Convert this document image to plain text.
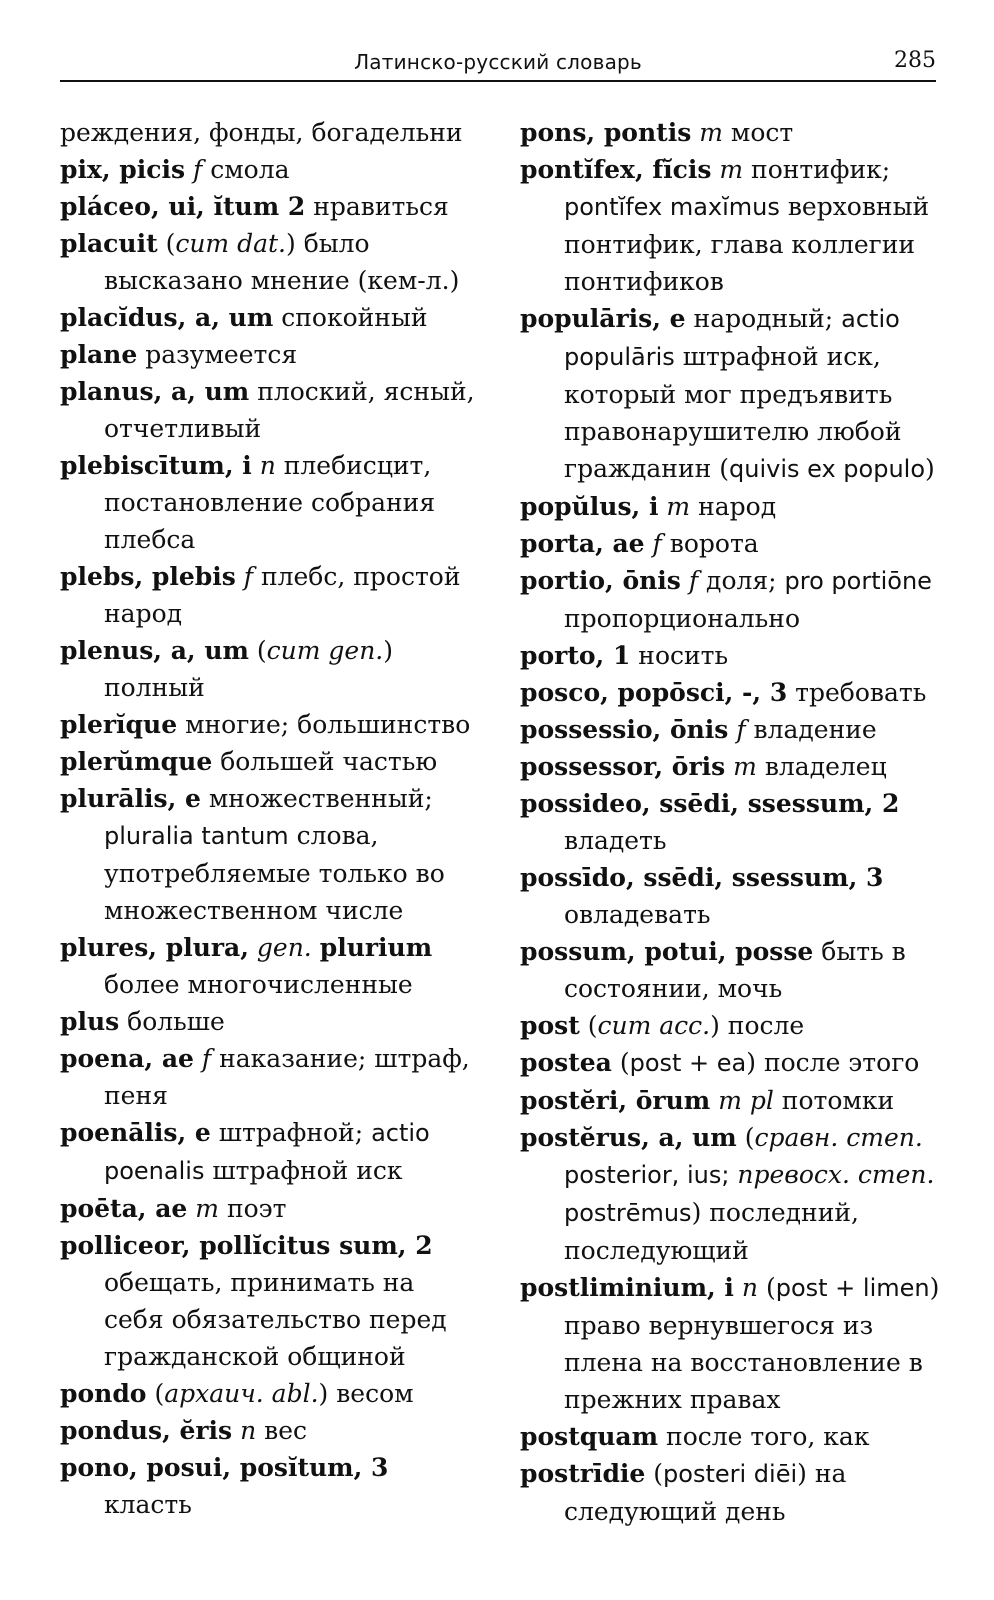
Латинско-русский словарь	285

реждения, фонды, богадельни

pix, picis f смола

pláceo, ui, ĭtum 2 нравиться

placuit (cum dat.) было высказано мнение (кем-л.)

placĭdus, a, um спокойный

plane разумеется

planus, a, um плоский, ясный, отчетливый

plebiscītum, i n плебисцит, постановление собрания плебса

plebs, plebis f плебс, простой народ

plenus, a, um (cum gen.) полный

plerĭque многие; большинство

plerŭmque большей частью

plurālis, e множественный; pluralia tantum слова, употребляемые только во множественном числе

plures, plura, gen. plurium более многочисленные

plus больше

poena, ae f наказание; штраф, пеня

poenālis, e штрафной; actio poenalis штрафной иск

poēta, ae m поэт

polliceor, pollĭcitus sum, 2 обещать, принимать на себя обязательство перед гражданской общиной

pondo (архаич. abl.) весом

pondus, ĕris n вес

pono, posui, posĭtum, 3 класть

pons, pontis m мост

pontĭfex, fĭcis m понтифик; pontĭfex maxĭmus верховный понтифик, глава коллегии понтификов

populāris, e народный; actio populāris штрафной иск, который мог предъявить правонарушителю любой гражданин (quivis ex populo)

popŭlus, i m народ

porta, ae f ворота

portio, ōnis f доля; pro portiōne пропорционально

porto, 1 носить

posco, popōsci, -, 3 требовать

possessio, ōnis f владение

possessor, ōris m владелец

possideo, ssēdi, ssessum, 2 владеть

possīdo, ssēdi, ssessum, 3 овладевать

possum, potui, posse быть в состоянии, мочь

post (cum acc.) после

postea (post + ea) после этого

postĕri, ōrum m pl потомки

postĕrus, a, um (сравн. степ. posterior, ius; превосх. степ. postrēmus) последний, последующий

postliminium, i n (post + limen) право вернувшегося из плена на восстановление в прежних правах

postquam после того, как

postrīdie (posteri diēi) на следующий день
